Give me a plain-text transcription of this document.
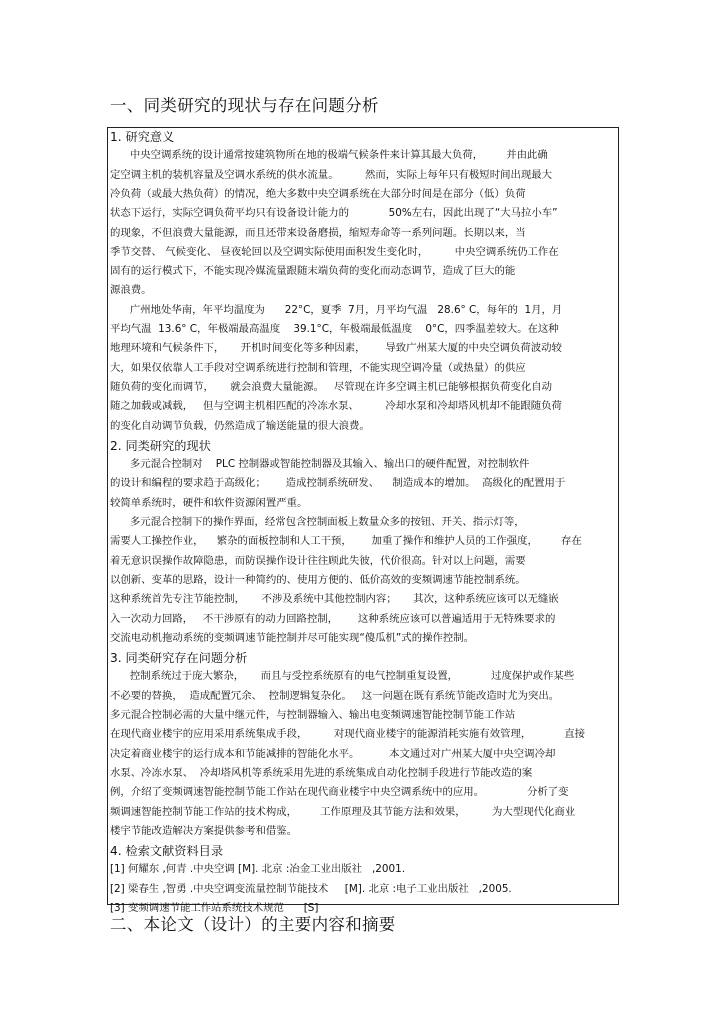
一、同类研究的现状与存在问题分析
1. 研究意义
中央空调系统的设计通常按建筑物所在地的极端气候条件来计算其最大负荷，       并由此确
定空调主机的装机容量及空调水系统的供水流量。        然而，实际上每年只有极短时间出现最大
冷负荷（或最大热负荷）的情况，绝大多数中央空调系统在大部分时间是在部分（低）负荷
状态下运行，实际空调负荷平均只有设备设计能力的            50%左右，因此出现了“大马拉小车”
的现象，不但浪费大量能源，而且还带来设备磨损，缩短寿命等一系列问题。长期以来，当
季节交替、 气候变化、 昼夜轮回以及空调实际使用面积发生变化时，        中央空调系统仍工作在
固有的运行模式下，不能实现冷媒流量跟随末端负荷的变化而动态调节，造成了巨大的能
源浪费。
广州地处华南，年平均温度为      22°C，夏季  7月，月平均气温   28.6° C，每年的  1月，月
平均气温  13.6° C，年极端最高温度    39.1°C，年极端最低温度    0°C，四季温差较大。在这种
地理环境和气候条件下，     开机时间变化等多种因素，      导致广州某大厦的中央空调负荷波动较
大，如果仅依靠人工手段对空调系统进行控制和管理，不能实现空调冷量（或热量）的供应
随负荷的变化而调节，     就会浪费大量能源。   尽管现在许多空调主机已能够根据负荷变化自动
随之加载或减载，   但与空调主机相匹配的冷冻水泵、        冷却水泵和冷却塔风机却不能跟随负荷
的变化自动调节负载，仍然造成了输送能量的很大浪费。
2. 同类研究的现状
多元混合控制对    PLC 控制器或智能控制器及其输入、输出口的硬件配置，对控制软件
的设计和编程的要求趋于高级化；      造成控制系统研发、    制造成本的增加。  高级化的配置用于
较简单系统时，硬件和软件资源闲置严重。
多元混合控制下的操作界面，经常包含控制面板上数量众多的按钮、开关、指示灯等，
需要人工操控作业，    繁杂的面板控制和人工干预，      加重了操作和维护人员的工作强度，       存在
着无意识误操作故障隐患，而防误操作设计往往顾此失彼，代价很高。针对以上问题，需要
以创新、变革的思路，设计一种简约的、使用方便的、低价高效的变频调速节能控制系统。
这种系统首先专注节能控制，     不涉及系统中其他控制内容；     其次，这种系统应该可以无缝嵌
入一次动力回路，   不干涉原有的动力回路控制，      这种系统应该可以普遍适用于无特殊要求的
交流电动机拖动系统的变频调速节能控制并尽可能实现“傻瓜机”式的操作控制。
3. 同类研究存在问题分析
控制系统过于庞大繁杂，     而且与受控系统原有的电气控制重复设置，          过度保护或作某些
不必要的替换，  造成配置冗余、  控制逻辑复杂化。   这一问题在既有系统节能改造时尤为突出。
多元混合控制必需的大量中继元件，与控制器输入、输出电变频调速智能控制节能工作站
在现代商业楼宇的应用采用系统集成手段，        对现代商业楼宇的能源消耗实施有效管理，          直接
决定着商业楼宇的运行成本和节能减排的智能化水平。         本文通过对广州某大厦中央空调冷却
水泵、冷冻水泵、  冷却塔风机等系统采用先进的系统集成自动化控制手段进行节能改造的案
例，介绍了变频调速智能控制节能工作站在现代商业楼宇中央空调系统中的应用。             分析了变
频调速智能控制节能工作站的技术构成，       工作原理及其节能方法和效果，        为大型现代化商业
楼宇节能改造解决方案提供参考和借鉴。
4. 检索文献资料目录
[1] 何耀东 ,何青 .中央空调 [M]. 北京 :冶金工业出版社   ,2001.
[2] 梁春生 ,智勇 .中央空调变流量控制节能技术     [M]. 北京 :电子工业出版社   ,2005.
[3] 变频调速节能工作站系统技术规范      [S]
二、本论文（设计）的主要内容和摘要
